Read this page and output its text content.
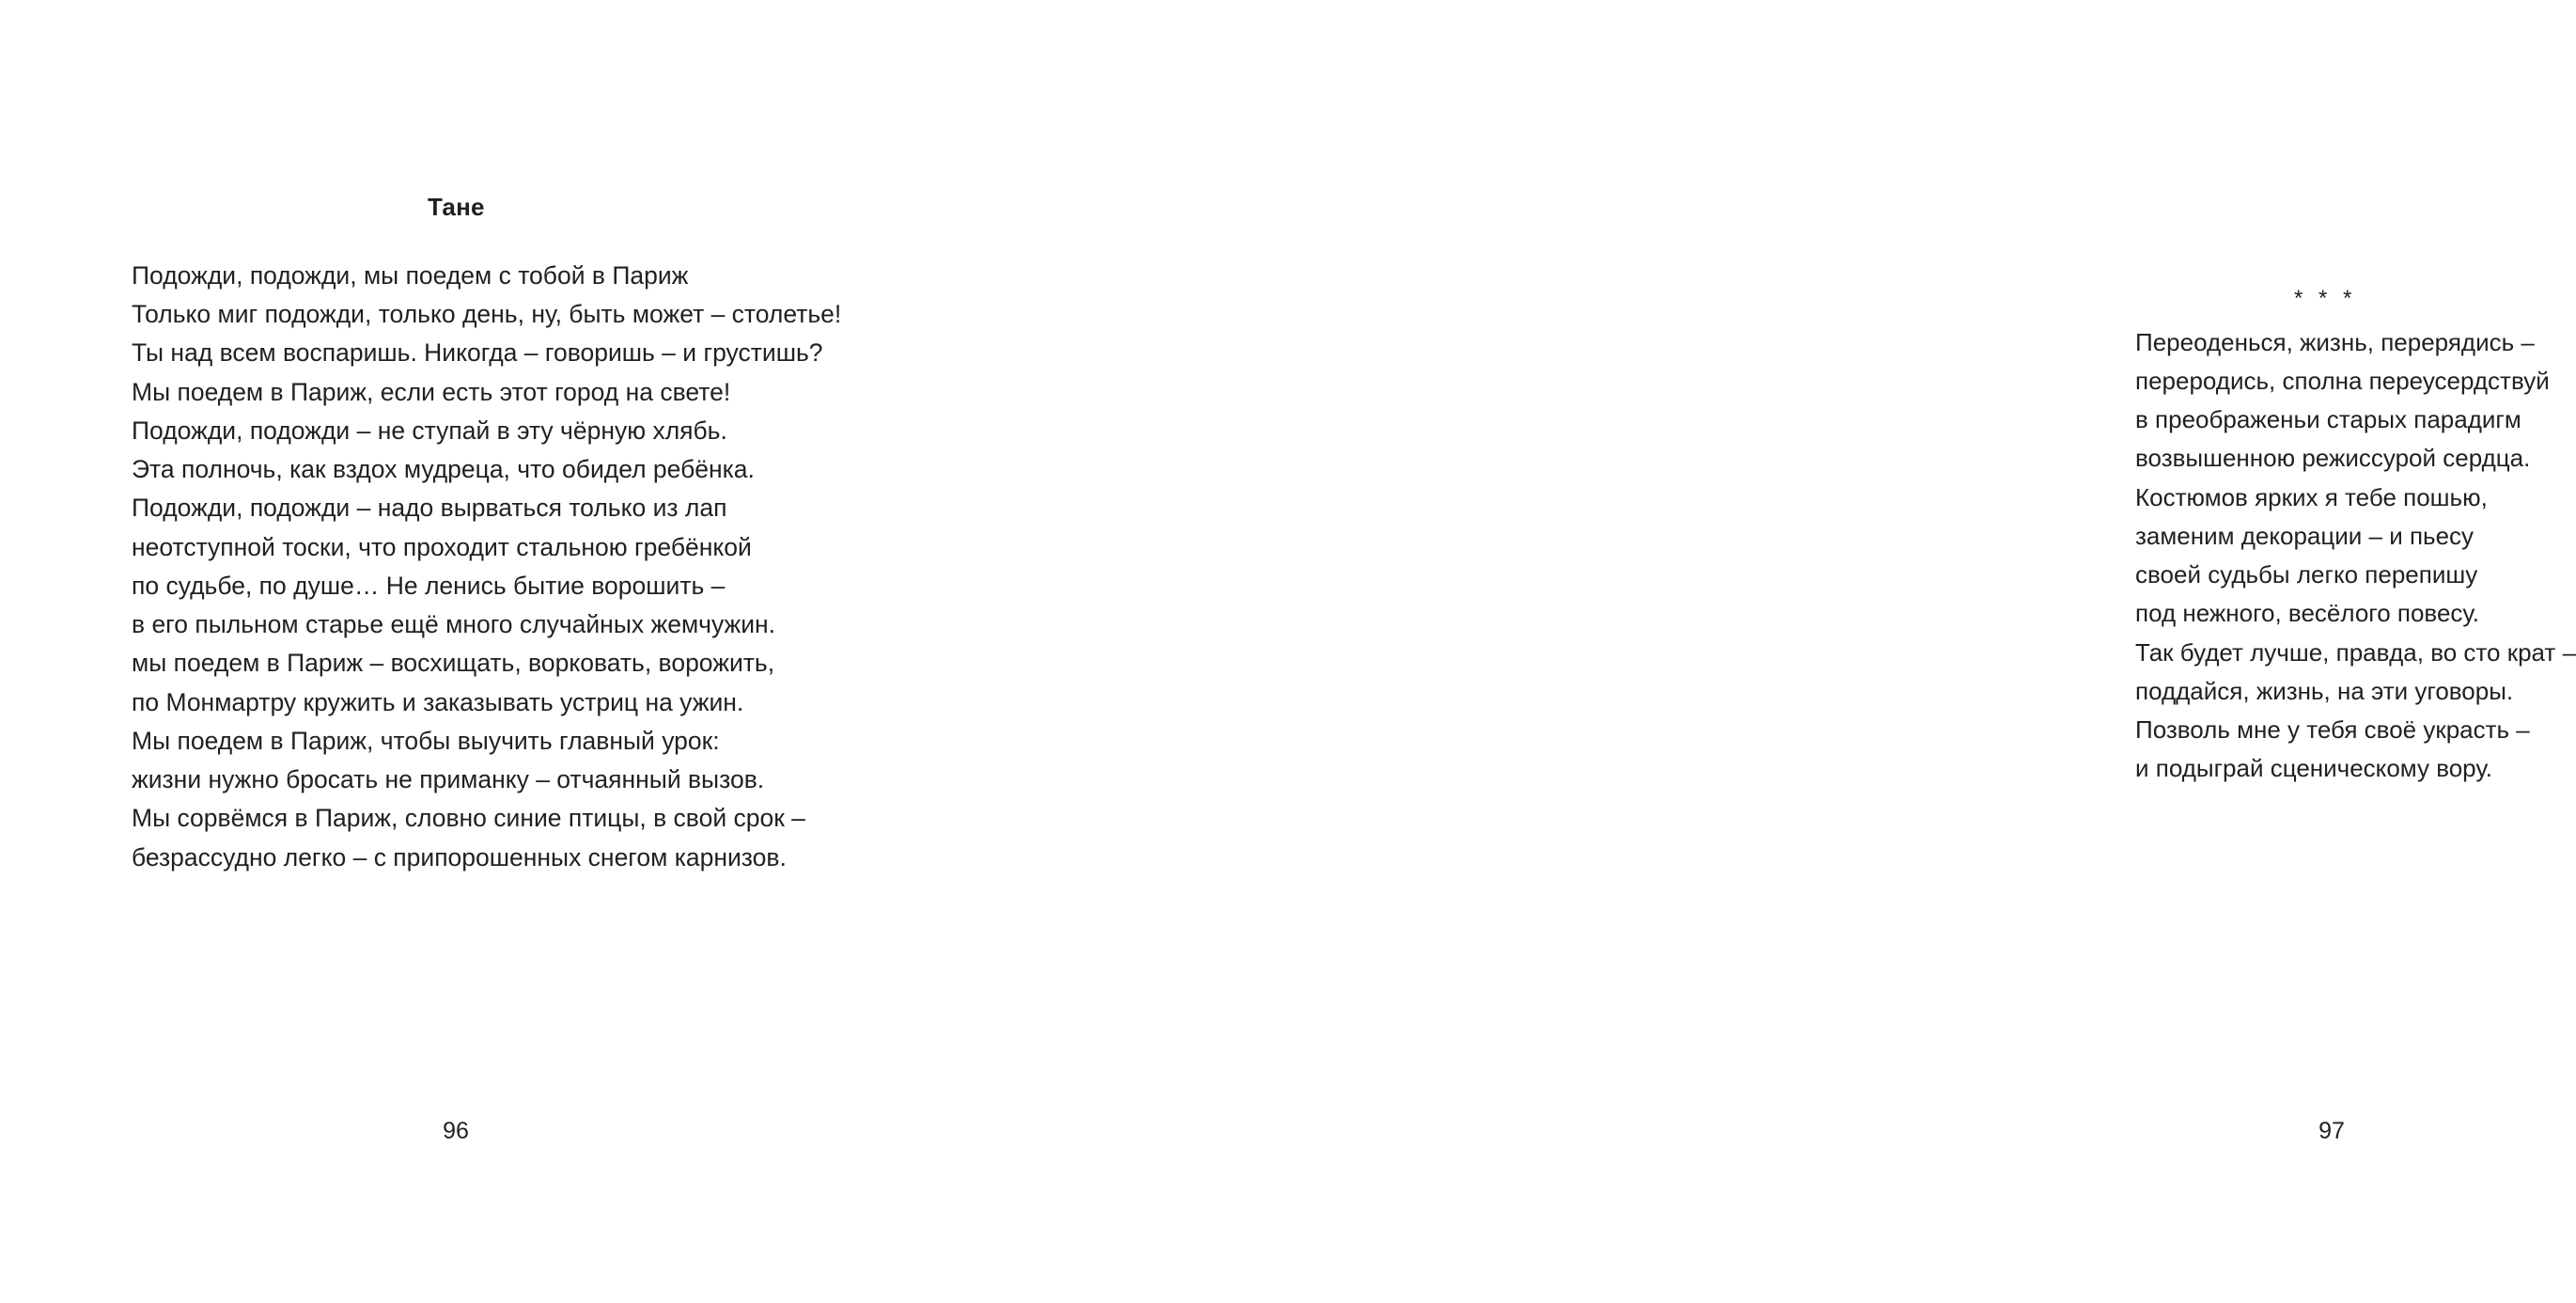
Тане
Подожди, подожди, мы поедем с тобой в Париж
Только миг подожди, только день, ну, быть может – столетье!
Ты над всем воспаришь. Никогда – говоришь – и грустишь?
Мы поедем в Париж, если есть этот город на свете!
Подожди, подожди – не ступай в эту чёрную хлябь.
Эта полночь, как вздох мудреца, что обидел ребёнка.
Подожди, подожди – надо вырваться только из лап
неотступной тоски, что проходит стальною гребёнкой
по судьбе, по душе… Не ленись бытие ворошить –
в его пыльном старье ещё много случайных жемчужин.
мы поедем в Париж – восхищать, ворковать, ворожить,
по Монмартру кружить и заказывать устриц на ужин.
Мы поедем в Париж, чтобы выучить главный урок:
жизни нужно бросать не приманку – отчаянный вызов.
Мы сорвёмся в Париж, словно синие птицы, в свой срок –
безрассудно легко – с припорошенных снегом карнизов.
96
* * *
Переоденься, жизнь, перерядись –
переродись, сполна переусердствуй
в преображеньи старых парадигм
возвышенною режиссурой сердца.
Костюмов ярких я тебе пошью,
заменим декорации – и пьесу
своей судьбы легко перепишу
под нежного, весёлого повесу.
Так будет лучше, правда, во сто крат –
поддайся, жизнь, на эти уговоры.
Позволь мне у тебя своё украсть –
и подыграй сценическому вору.
97
